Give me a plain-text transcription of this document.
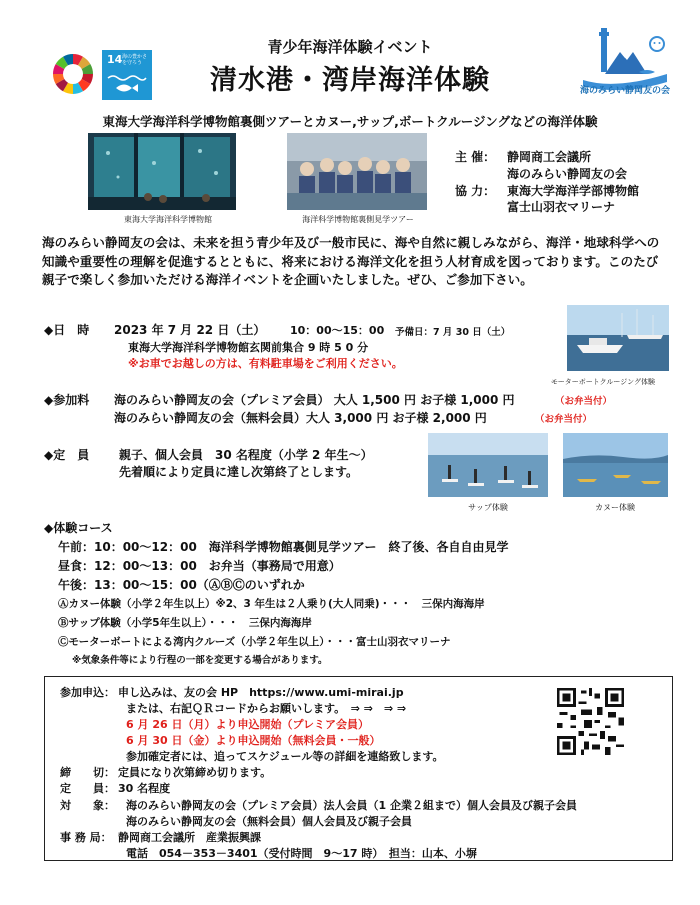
14 海の豊かさを守ろう
青少年海洋体験イベント
清水港・湾岸海洋体験	海のみらい静岡友の会
東海大学海洋科学博物館裏側ツアーとカヌー,サップ,ボートクルージングなどの海洋体験
東海大学海洋科学博物館	海洋科学博物館裏側見学ツアー
主 催： 静岡商工会議所
海のみらい静岡友の会
協 力： 東海大学海洋学部博物館
富士山羽衣マリーナ
海のみらい静岡友の会は、未来を担う青少年及び一般市民に、海や自然に親しみながら、海洋・地球科学への知識や重要性の理解を促進するとともに、将来における海洋文化を担う人材育成を図っております。このたび親子で楽しく参加いただける海洋イベントを企画いたしました。ぜひ、ご参加下さい。
◆日　時 2023 年 7 月 22 日（土） 10：00～15：00 予備日：7 月 30 日（土）
東海大学海洋科学博物館玄関前集合 9 時 5 0 分
※お車でお越しの方は、有料駐車場をご利用ください。
モーターボートクルージング体験
◆参加料 海のみらい静岡友の会（プレミア会員） 大人 1,500 円 お子様 1,000 円	（お弁当付）
海のみらい静岡友の会（無料会員）大人 3,000 円 お子様 2,000 円	（お弁当付）
◆定　員 親子、個人会員　30 名程度（小学 2 年生～）
先着順により定員に達し次第終了とします。
サップ体験	カヌー体験
◆体験コース
午前：10：00～12：00　海洋科学博物館裏側見学ツアー　終了後、各自自由見学
昼食：12：00～13：00　お弁当（事務局で用意）
午後：13：00～15：00（ⒶⒷⒸのいずれか
Ⓐカヌー体験（小学２年生以上）※2、3 年生は２人乗り(大人同乗)・・・　三保内海海岸
Ⓑサップ体験（小学5年生以上）・・・　三保内海海岸
Ⓒモーターボートによる湾内クルーズ（小学２年生以上）・・・富士山羽衣マリーナ
※気象条件等により行程の一部を変更する場合があります。
参加申込： 申し込みは、友の会 HP　https://www.umi-mirai.jp
または、右記ＱＲコードからお願いします。　⇒ ⇒　⇒ ⇒
6 月 26 日（月）より申込開始（プレミア会員）
6 月 30 日（金）より申込開始（無料会員・一般）
参加確定者には、追ってスケジュール等の詳細を連絡致します。
締　　切： 定員になり次第締め切ります。
定　　員： 30 名程度
対　　象： 海のみらい静岡友の会（プレミア会員）法人会員（1 企業２組まで）個人会員及び親子会員
海のみらい静岡友の会（無料会員）個人会員及び親子会員
事 務 局： 静岡商工会議所　産業振興課
電話　054－353－3401（受付時間　9～17 時）　担当：山本、小塀
